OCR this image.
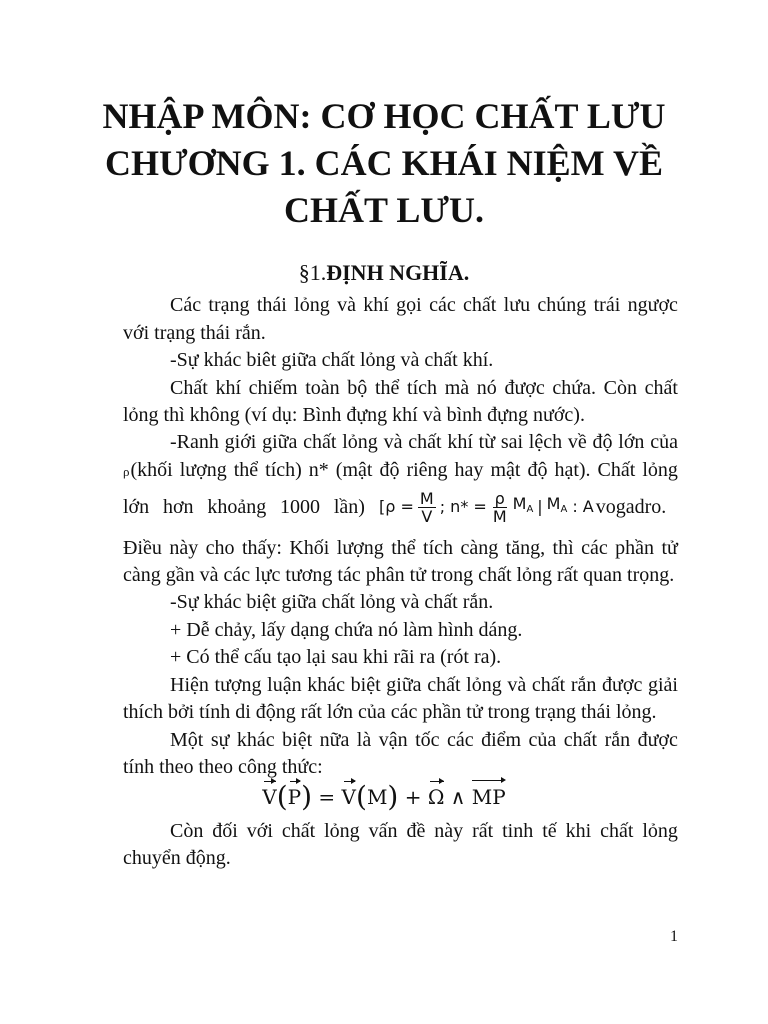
NHẬP MÔN: CƠ HỌC CHẤT LƯU
CHƯƠNG 1. CÁC KHÁI NIỆM VỀ
CHẤT LƯU.
§1.ĐỊNH NGHĨA.
Các trạng thái lỏng và khí gọi các chất lưu chúng trái ngược
với trạng thái rắn.
-Sự khác biêt giữa chất lỏng và chất khí.
Chất khí chiếm toàn bộ thể tích mà nó được chứa. Còn chất
lỏng thì không (ví dụ: Bình đựng khí và bình đựng nước).
-Ranh giới giữa chất lỏng và chất khí từ sai lệch về độ lớn của
ρ (khối lượng thể tích) n* (mật độ riêng hay mật độ hạt). Chất lỏng
lớn hơn khoảng 1000 lần) [$\rho = \frac{M}{V}$ ; $n* = \frac{\rho}{M} M_A$ | $M_A$ : A vogadro.
Điều này cho thấy: Khối lượng thể tích càng tăng, thì các phần tử
càng gần và các lực tương tác phân tử trong chất lỏng rất quan trọng.
-Sự khác biệt giữa chất lỏng và chất rắn.
+ Dễ chảy, lấy dạng chứa nó làm hình dáng.
+ Có thể cấu tạo lại sau khi rãi ra (rót ra).
Hiện tượng luận khác biệt giữa chất lỏng và chất rắn được giải
thích bởi tính di động rất lớn của các phần tử trong trạng thái lỏng.
Một sự khác biệt nữa là vận tốc các điểm của chất rắn được
tính theo theo công thức:
V(P) = V(M) + Ω ∧ MP
Còn đối với chất lỏng vấn đề này rất tinh tế khi chất lỏng
chuyển động.
1
